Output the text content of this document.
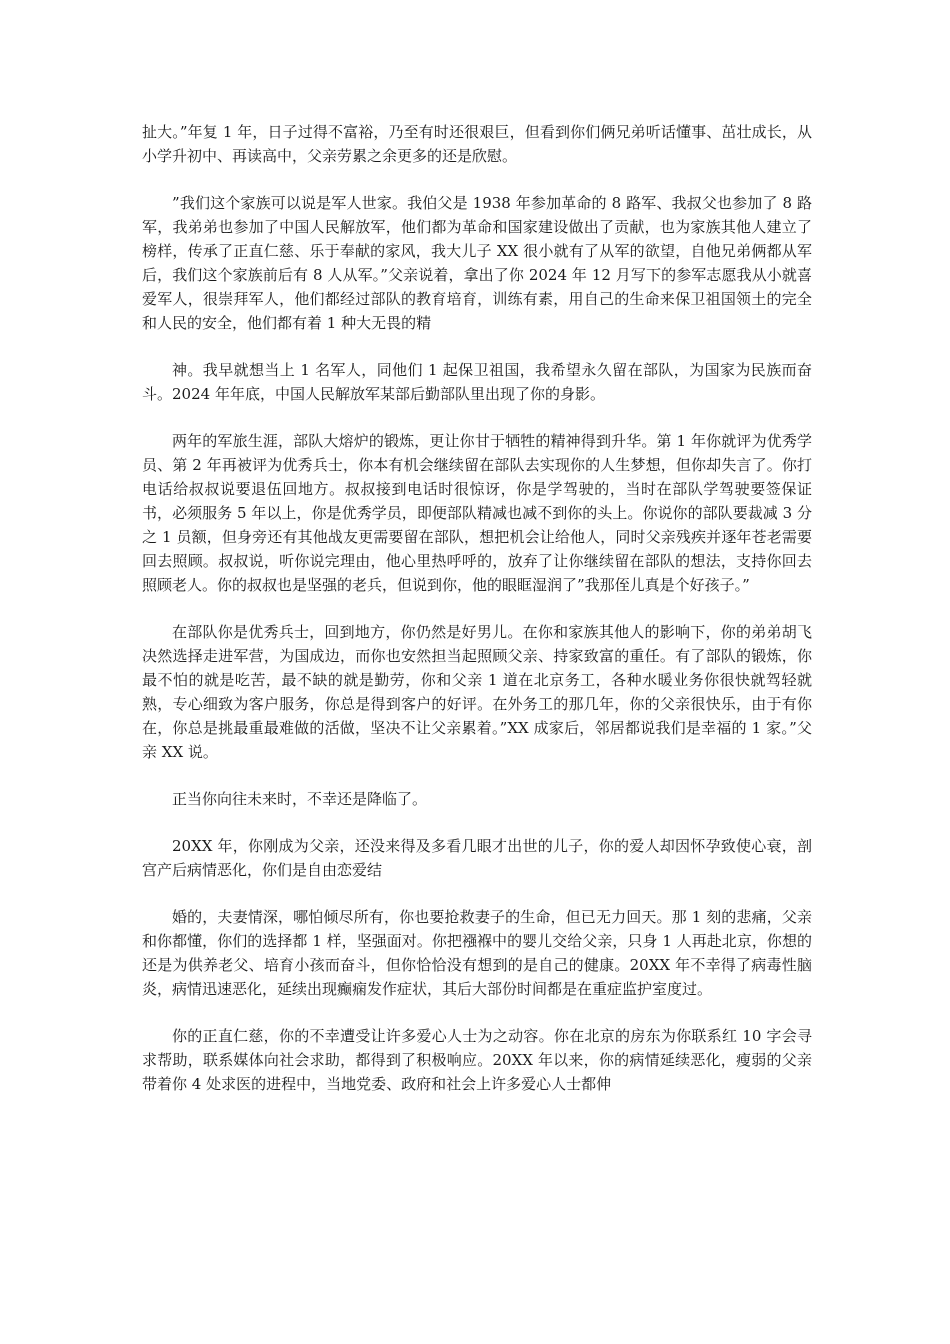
扯大。”年复 1 年，日子过得不富裕，乃至有时还很艰巨，但看到你们俩兄弟听话懂事、茁壮成长，从小学升初中、再读高中，父亲劳累之余更多的还是欣慰。

”我们这个家族可以说是军人世家。我伯父是 1938 年参加革命的 8 路军、我叔父也参加了 8 路军，我弟弟也参加了中国人民解放军，他们都为革命和国家建设做出了贡献，也为家族其他人建立了榜样，传承了正直仁慈、乐于奉献的家风，我大儿子 XX 很小就有了从军的欲望，自他兄弟俩都从军后，我们这个家族前后有 8 人从军。”父亲说着，拿出了你 2024 年 12 月写下的参军志愿我从小就喜爱军人，很崇拜军人，他们都经过部队的教育培育，训练有素，用自己的生命来保卫祖国领土的完全和人民的安全，他们都有着 1 种大无畏的精

神。我早就想当上 1 名军人，同他们 1 起保卫祖国，我希望永久留在部队，为国家为民族而奋斗。2024 年年底，中国人民解放军某部后勤部队里出现了你的身影。

两年的军旅生涯，部队大熔炉的锻炼，更让你甘于牺牲的精神得到升华。第 1 年你就评为优秀学员、第 2 年再被评为优秀兵士，你本有机会继续留在部队去实现你的人生梦想，但你却失言了。你打电话给叔叔说要退伍回地方。叔叔接到电话时很惊讶，你是学驾驶的，当时在部队学驾驶要签保证书，必须服务 5 年以上，你是优秀学员，即便部队精减也减不到你的头上。你说你的部队要裁减 3 分之 1 员额，但身旁还有其他战友更需要留在部队，想把机会让给他人，同时父亲残疾并逐年苍老需要回去照顾。叔叔说，听你说完理由，他心里热呼呼的，放弃了让你继续留在部队的想法，支持你回去照顾老人。你的叔叔也是坚强的老兵，但说到你，他的眼眶湿润了”我那侄儿真是个好孩子。”

在部队你是优秀兵士，回到地方，你仍然是好男儿。在你和家族其他人的影响下，你的弟弟胡飞决然选择走进军营，为国成边，而你也安然担当起照顾父亲、持家致富的重任。有了部队的锻炼，你最不怕的就是吃苦，最不缺的就是勤劳，你和父亲 1 道在北京务工，各种水暖业务你很快就驾轻就熟，专心细致为客户服务，你总是得到客户的好评。在外务工的那几年，你的父亲很快乐，由于有你在，你总是挑最重最难做的活做，坚决不让父亲累着。”XX 成家后，邻居都说我们是幸福的 1 家。”父亲 XX 说。

正当你向往未来时，不幸还是降临了。

20XX 年，你刚成为父亲，还没来得及多看几眼才出世的儿子，你的爱人却因怀孕致使心衰，剖宫产后病情恶化，你们是自由恋爱结

婚的，夫妻情深，哪怕倾尽所有，你也要抢救妻子的生命，但已无力回天。那 1 刻的悲痛，父亲和你都懂，你们的选择都 1 样，坚强面对。你把襁褓中的婴儿交给父亲，只身 1 人再赴北京，你想的还是为供养老父、培育小孩而奋斗，但你恰恰没有想到的是自己的健康。20XX 年不幸得了病毒性脑炎，病情迅速恶化，延续出现癫痫发作症状，其后大部份时间都是在重症监护室度过。

你的正直仁慈，你的不幸遭受让许多爱心人士为之动容。你在北京的房东为你联系红 10 字会寻求帮助，联系媒体向社会求助，都得到了积极响应。20XX 年以来，你的病情延续恶化，瘦弱的父亲带着你 4 处求医的进程中，当地党委、政府和社会上许多爱心人士都伸
